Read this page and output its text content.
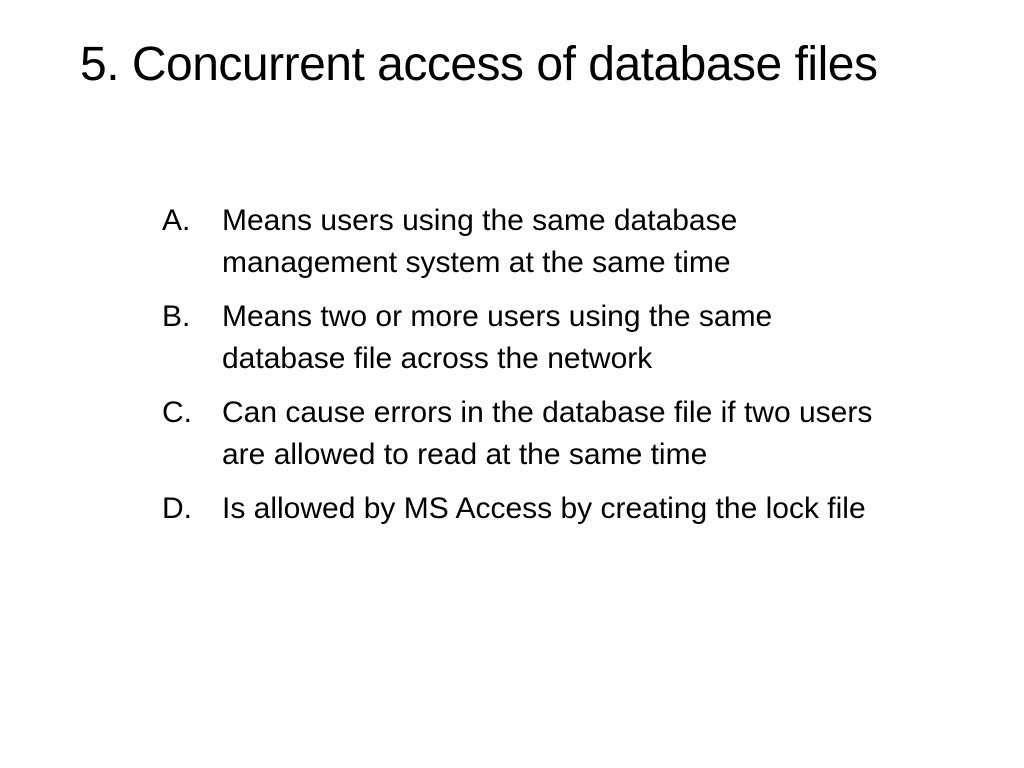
5. Concurrent access of database files
A.	Means users using the same database
management system at the same time
B.	Means two or more users using the same
database file across the network
C.	Can cause errors in the database file if two users
are allowed to read at the same time
D.	Is allowed by MS Access by creating the lock file
